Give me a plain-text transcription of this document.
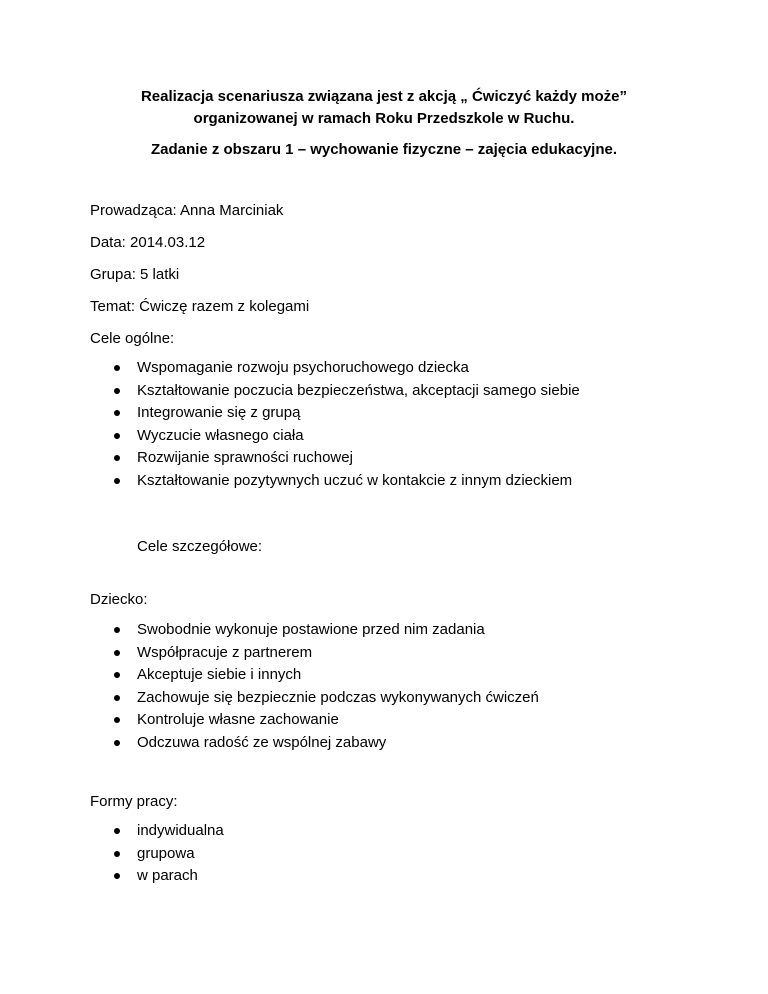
Realizacja scenariusza związana jest z akcją „ Ćwiczyć każdy może”
organizowanej w ramach Roku Przedszkole w Ruchu.
Zadanie z obszaru 1 – wychowanie fizyczne – zajęcia edukacyjne.
Prowadząca: Anna Marciniak
Data: 2014.03.12
Grupa: 5 latki
Temat: Ćwiczę razem z kolegami
Cele ogólne:
Wspomaganie rozwoju psychoruchowego dziecka
Kształtowanie poczucia bezpieczeństwa, akceptacji samego siebie
Integrowanie się z grupą
Wyczucie własnego ciała
Rozwijanie sprawności ruchowej
Kształtowanie pozytywnych uczuć w kontakcie z innym dzieckiem
Cele szczegółowe:
Dziecko:
Swobodnie wykonuje postawione przed nim zadania
Współpracuje z partnerem
Akceptuje siebie i innych
Zachowuje się bezpiecznie podczas wykonywanych ćwiczeń
Kontroluje własne zachowanie
Odczuwa radość ze wspólnej zabawy
Formy pracy:
indywidualna
grupowa
w parach
